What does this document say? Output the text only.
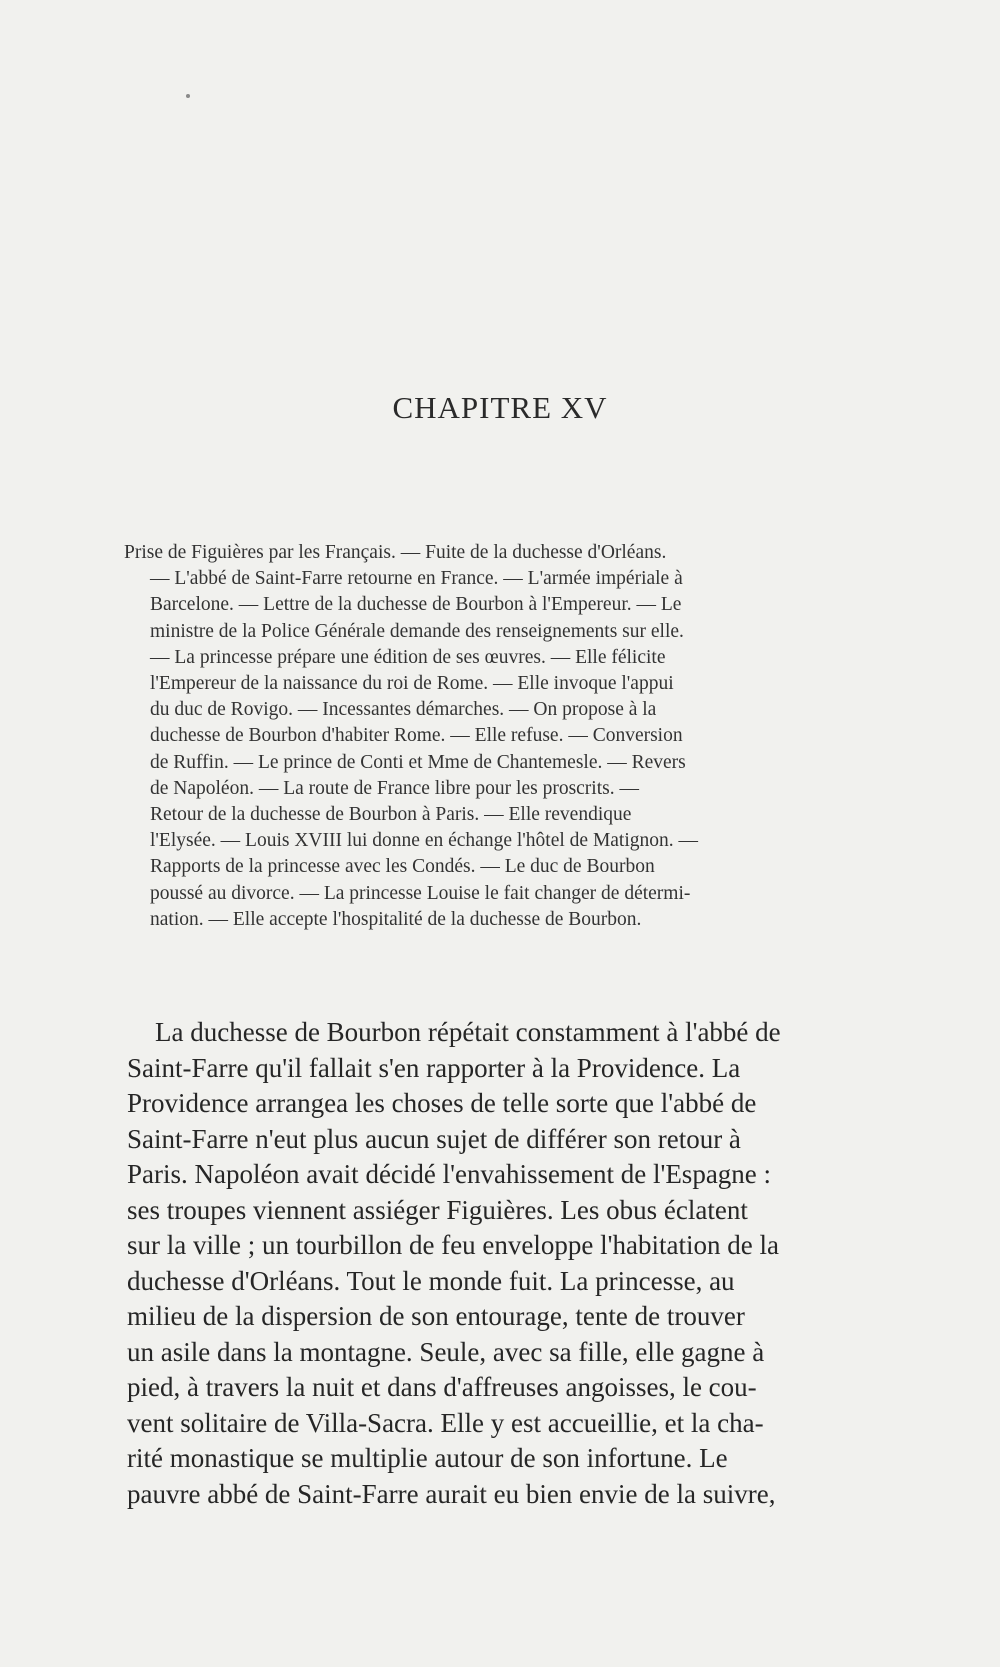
CHAPITRE XV
Prise de Figuières par les Français. — Fuite de la duchesse d'Orléans.
— L'abbé de Saint-Farre retourne en France. — L'armée impériale à
Barcelone. — Lettre de la duchesse de Bourbon à l'Empereur. — Le
ministre de la Police Générale demande des renseignements sur elle.
— La princesse prépare une édition de ses œuvres. — Elle félicite
l'Empereur de la naissance du roi de Rome. — Elle invoque l'appui
du duc de Rovigo. — Incessantes démarches. — On propose à la
duchesse de Bourbon d'habiter Rome. — Elle refuse. — Conversion
de Ruffin. — Le prince de Conti et Mme de Chantemesle. — Revers
de Napoléon. — La route de France libre pour les proscrits. —
Retour de la duchesse de Bourbon à Paris. — Elle revendique
l'Elysée. — Louis XVIII lui donne en échange l'hôtel de Matignon. —
Rapports de la princesse avec les Condés. — Le duc de Bourbon
poussé au divorce. — La princesse Louise le fait changer de détermi-
nation. — Elle accepte l'hospitalité de la duchesse de Bourbon.
La duchesse de Bourbon répétait constamment à l'abbé de
Saint-Farre qu'il fallait s'en rapporter à la Providence. La
Providence arrangea les choses de telle sorte que l'abbé de
Saint-Farre n'eut plus aucun sujet de différer son retour à
Paris. Napoléon avait décidé l'envahissement de l'Espagne :
ses troupes viennent assiéger Figuières. Les obus éclatent
sur la ville ; un tourbillon de feu enveloppe l'habitation de la
duchesse d'Orléans. Tout le monde fuit. La princesse, au
milieu de la dispersion de son entourage, tente de trouver
un asile dans la montagne. Seule, avec sa fille, elle gagne à
pied, à travers la nuit et dans d'affreuses angoisses, le cou-
vent solitaire de Villa-Sacra. Elle y est accueillie, et la cha-
rité monastique se multiplie autour de son infortune. Le
pauvre abbé de Saint-Farre aurait eu bien envie de la suivre,
